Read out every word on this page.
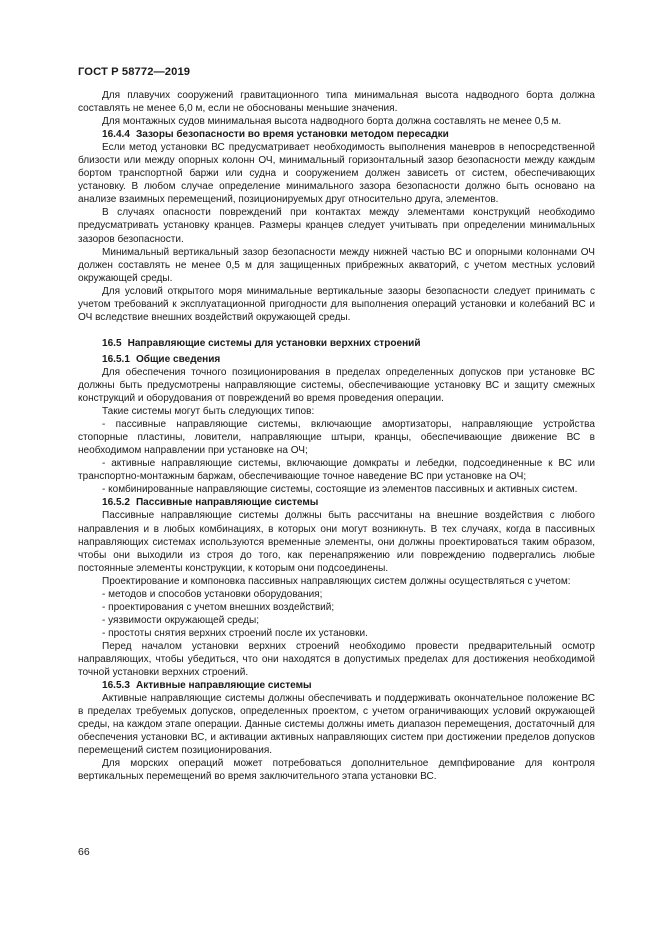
ГОСТ Р 58772—2019

Для плавучих сооружений гравитационного типа минимальная высота надводного борта должна составлять не менее 6,0 м, если не обоснованы меньшие значения.

Для монтажных судов минимальная высота надводного борта должна составлять не менее 0,5 м.

16.4.4 Зазоры безопасности во время установки методом пересадки

Если метод установки ВС предусматривает необходимость выполнения маневров в непосредственной близости или между опорных колонн ОЧ, минимальный горизонтальный зазор безопасности между каждым бортом транспортной баржи или судна и сооружением должен зависеть от систем, обеспечивающих установку. В любом случае определение минимального зазора безопасности должно быть основано на анализе взаимных перемещений, позиционируемых друг относительно друга, элементов.

В случаях опасности повреждений при контактах между элементами конструкций необходимо предусматривать установку кранцев. Размеры кранцев следует учитывать при определении минимальных зазоров безопасности.

Минимальный вертикальный зазор безопасности между нижней частью ВС и опорными колоннами ОЧ должен составлять не менее 0,5 м для защищенных прибрежных акваторий, с учетом местных условий окружающей среды.

Для условий открытого моря минимальные вертикальные зазоры безопасности следует принимать с учетом требований к эксплуатационной пригодности для выполнения операций установки и колебаний ВС и ОЧ вследствие внешних воздействий окружающей среды.

16.5 Направляющие системы для установки верхних строений

16.5.1 Общие сведения

Для обеспечения точного позиционирования в пределах определенных допусков при установке ВС должны быть предусмотрены направляющие системы, обеспечивающие установку ВС и защиту смежных конструкций и оборудования от повреждений во время проведения операции.

Такие системы могут быть следующих типов:

- пассивные направляющие системы, включающие амортизаторы, направляющие устройства стопорные пластины, ловители, направляющие штыри, кранцы, обеспечивающие движение ВС в необходимом направлении при установке на ОЧ;

- активные направляющие системы, включающие домкраты и лебедки, подсоединенные к ВС или транспортно-монтажным баржам, обеспечивающие точное наведение ВС при установке на ОЧ;

- комбинированные направляющие системы, состоящие из элементов пассивных и активных систем.

16.5.2 Пассивные направляющие системы

Пассивные направляющие системы должны быть рассчитаны на внешние воздействия с любого направления и в любых комбинациях, в которых они могут возникнуть. В тех случаях, когда в пассивных направляющих системах используются временные элементы, они должны проектироваться таким образом, чтобы они выходили из строя до того, как перенапряжению или повреждению подвергались любые постоянные элементы конструкции, к которым они подсоединены.

Проектирование и компоновка пассивных направляющих систем должны осуществляться с учетом:

- методов и способов установки оборудования;

- проектирования с учетом внешних воздействий;

- уязвимости окружающей среды;

- простоты снятия верхних строений после их установки.

Перед началом установки верхних строений необходимо провести предварительный осмотр направляющих, чтобы убедиться, что они находятся в допустимых пределах для достижения необходимой точной установки верхних строений.

16.5.3 Активные направляющие системы

Активные направляющие системы должны обеспечивать и поддерживать окончательное положение ВС в пределах требуемых допусков, определенных проектом, с учетом ограничивающих условий окружающей среды, на каждом этапе операции. Данные системы должны иметь диапазон перемещения, достаточный для обеспечения установки ВС, и активации активных направляющих систем при достижении пределов допусков перемещений систем позиционирования.

Для морских операций может потребоваться дополнительное демпфирование для контроля вертикальных перемещений во время заключительного этапа установки ВС.

66
